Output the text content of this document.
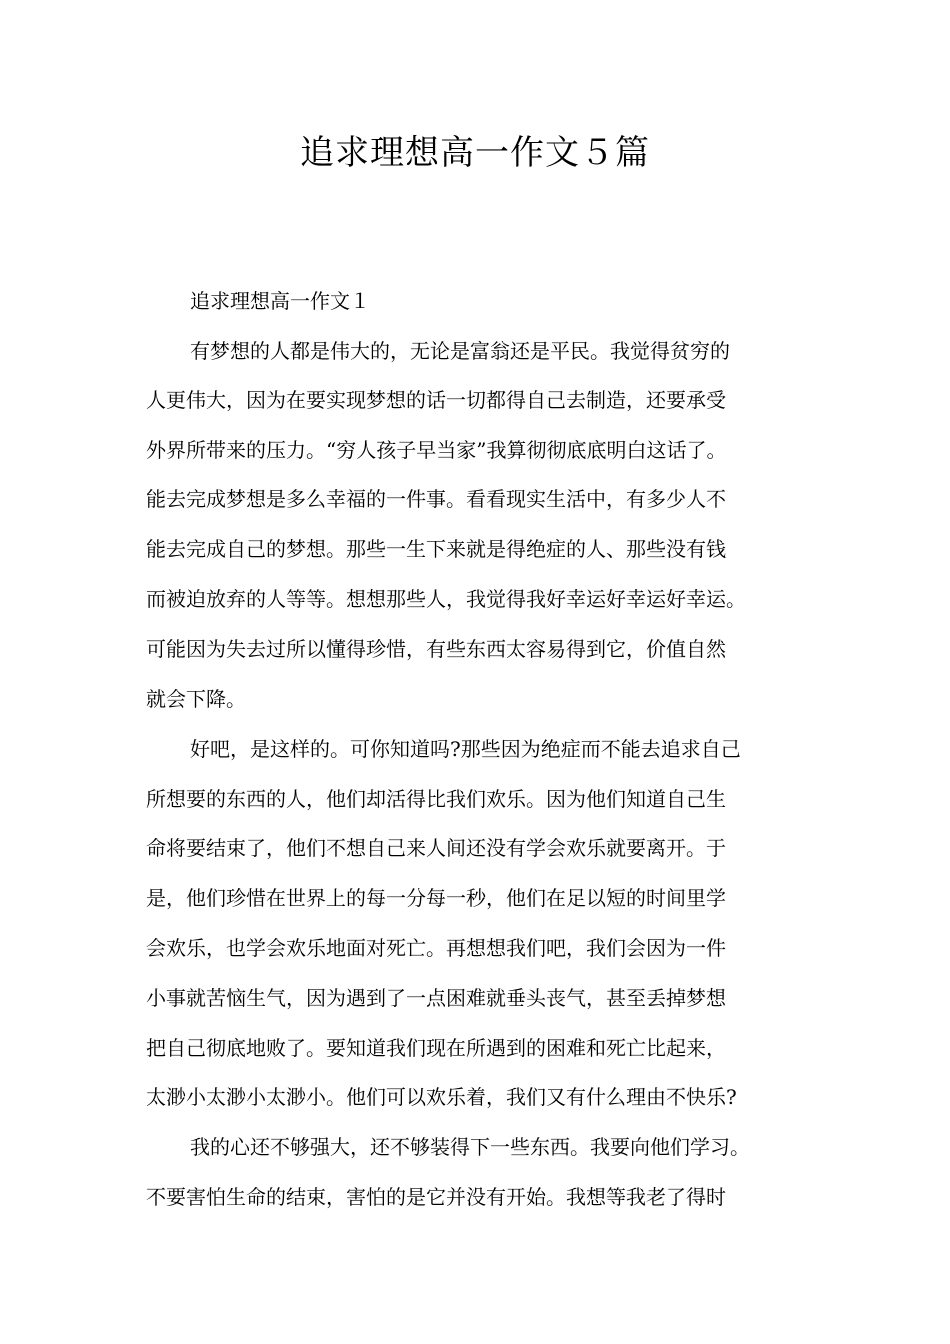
追求理想高一作文５篇
追求理想高一作文１

有梦想的人都是伟大的，无论是富翁还是平民。我觉得贫穷的

人更伟大，因为在要实现梦想的话一切都得自己去制造，还要承受

外界所带来的压力。“穷人孩子早当家”我算彻彻底底明白这话了。

能去完成梦想是多么幸福的一件事。看看现实生活中，有多少人不

能去完成自己的梦想。那些一生下来就是得绝症的人、那些没有钱

而被迫放弃的人等等。想想那些人，我觉得我好幸运好幸运好幸运。

可能因为失去过所以懂得珍惜，有些东西太容易得到它，价值自然

就会下降。

好吧，是这样的。可你知道吗?那些因为绝症而不能去追求自己

所想要的东西的人，他们却活得比我们欢乐。因为他们知道自己生

命将要结束了，他们不想自己来人间还没有学会欢乐就要离开。于

是，他们珍惜在世界上的每一分每一秒，他们在足以短的时间里学

会欢乐，也学会欢乐地面对死亡。再想想我们吧，我们会因为一件

小事就苦恼生气，因为遇到了一点困难就垂头丧气，甚至丢掉梦想

把自己彻底地败了。要知道我们现在所遇到的困难和死亡比起来，

太渺小太渺小太渺小。他们可以欢乐着，我们又有什么理由不快乐?

我的心还不够强大，还不够装得下一些东西。我要向他们学习。

不要害怕生命的结束，害怕的是它并没有开始。我想等我老了得时
